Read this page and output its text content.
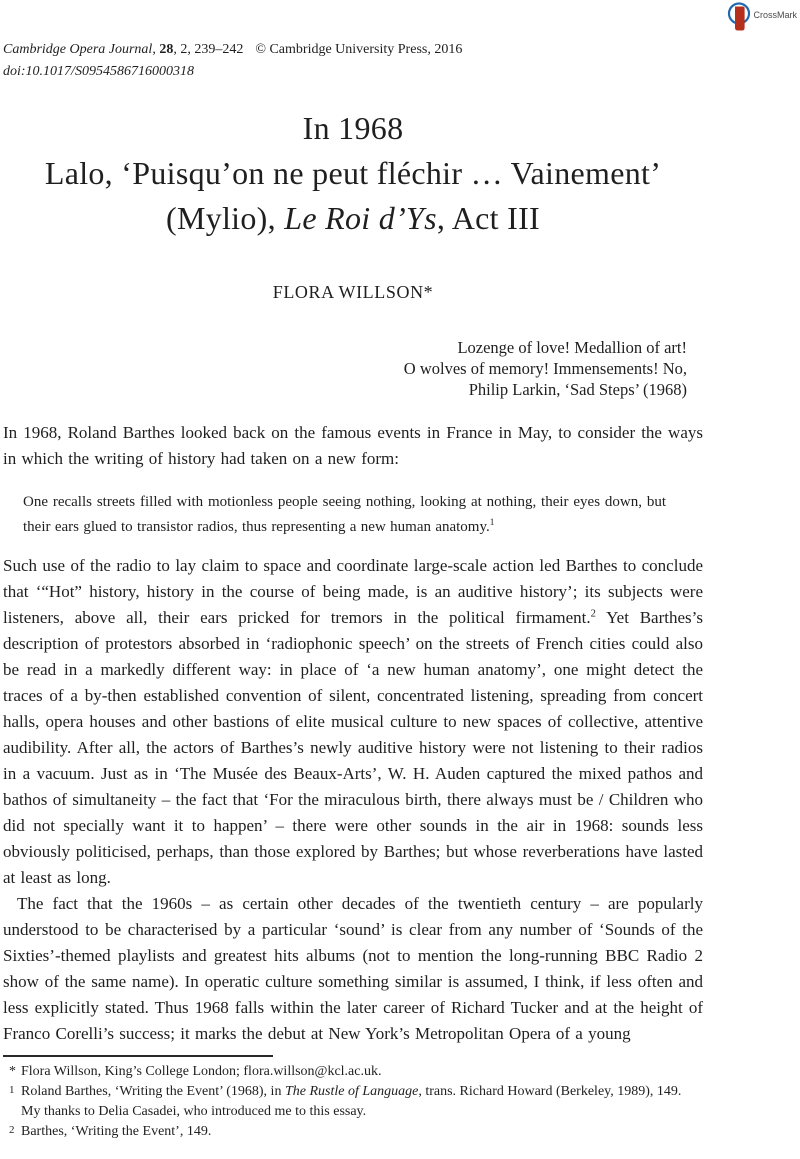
CrossMark
Cambridge Opera Journal, 28, 2, 239–242 © Cambridge University Press, 2016
doi:10.1017/S0954586716000318
In 1968
Lalo, ‘Puisqu’on ne peut fléchir … Vainement’
(Mylio), Le Roi d’Ys, Act III
FLORA WILLSON*
Lozenge of love! Medallion of art!
O wolves of memory! Immensements! No,
Philip Larkin, ‘Sad Steps’ (1968)

In 1968, Roland Barthes looked back on the famous events in France in May, to consider the ways in which the writing of history had taken on a new form:

One recalls streets filled with motionless people seeing nothing, looking at nothing, their eyes down, but their ears glued to transistor radios, thus representing a new human anatomy.$^1$

Such use of the radio to lay claim to space and coordinate large-scale action led Barthes to conclude that ‘“Hot” history, history in the course of being made, is an auditive history’; its subjects were listeners, above all, their ears pricked for tremors in the political firmament.$^2$ Yet Barthes’s description of protestors absorbed in ‘radiophonic speech’ on the streets of French cities could also be read in a markedly different way: in place of ‘a new human anatomy’, one might detect the traces of a by-then established convention of silent, concentrated listening, spreading from concert halls, opera houses and other bastions of elite musical culture to new spaces of collective, attentive audibility. After all, the actors of Barthes’s newly auditive history were not listening to their radios in a vacuum. Just as in ‘The Musée des Beaux-Arts’, W. H. Auden captured the mixed pathos and bathos of simultaneity – the fact that ‘For the miraculous birth, there always must be / Children who did not specially want it to happen’ – there were other sounds in the air in 1968: sounds less obviously politicised, perhaps, than those explored by Barthes; but whose reverberations have lasted at least as long.

The fact that the 1960s – as certain other decades of the twentieth century – are popularly understood to be characterised by a particular ‘sound’ is clear from any number of ‘Sounds of the Sixties’-themed playlists and greatest hits albums (not to mention the long-running BBC Radio 2 show of the same name). In operatic culture something similar is assumed, I think, if less often and less explicitly stated. Thus 1968 falls within the later career of Richard Tucker and at the height of Franco Corelli’s success; it marks the debut at New York’s Metropolitan Opera of a young

* Flora Willson, King’s College London; flora.willson@kcl.ac.uk.
1 Roland Barthes, ‘Writing the Event’ (1968), in The Rustle of Language, trans. Richard Howard (Berkeley, 1989), 149. My thanks to Delia Casadei, who introduced me to this essay.
2 Barthes, ‘Writing the Event’, 149.
